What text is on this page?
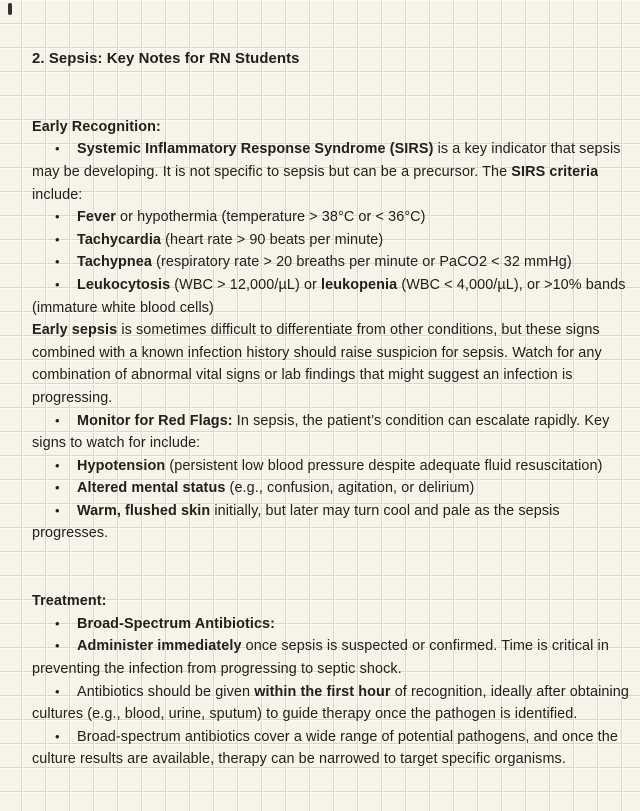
2. Sepsis: Key Notes for RN Students
Early Recognition:
• Systemic Inflammatory Response Syndrome (SIRS) is a key indicator that sepsis
may be developing. It is not specific to sepsis but can be a precursor. The SIRS criteria
include:
• Fever or hypothermia (temperature > 38°C or < 36°C)
• Tachycardia (heart rate > 90 beats per minute)
• Tachypnea (respiratory rate > 20 breaths per minute or PaCO2 < 32 mmHg)
• Leukocytosis (WBC > 12,000/µL) or leukopenia (WBC < 4,000/µL), or >10% bands
(immature white blood cells)
Early sepsis is sometimes difficult to differentiate from other conditions, but these signs
combined with a known infection history should raise suspicion for sepsis. Watch for any
combination of abnormal vital signs or lab findings that might suggest an infection is
progressing.
• Monitor for Red Flags: In sepsis, the patient’s condition can escalate rapidly. Key
signs to watch for include:
• Hypotension (persistent low blood pressure despite adequate fluid resuscitation)
• Altered mental status (e.g., confusion, agitation, or delirium)
• Warm, flushed skin initially, but later may turn cool and pale as the sepsis
progresses.
Treatment:
• Broad-Spectrum Antibiotics:
• Administer immediately once sepsis is suspected or confirmed. Time is critical in
preventing the infection from progressing to septic shock.
• Antibiotics should be given within the first hour of recognition, ideally after obtaining
cultures (e.g., blood, urine, sputum) to guide therapy once the pathogen is identified.
• Broad-spectrum antibiotics cover a wide range of potential pathogens, and once the
culture results are available, therapy can be narrowed to target specific organisms.
